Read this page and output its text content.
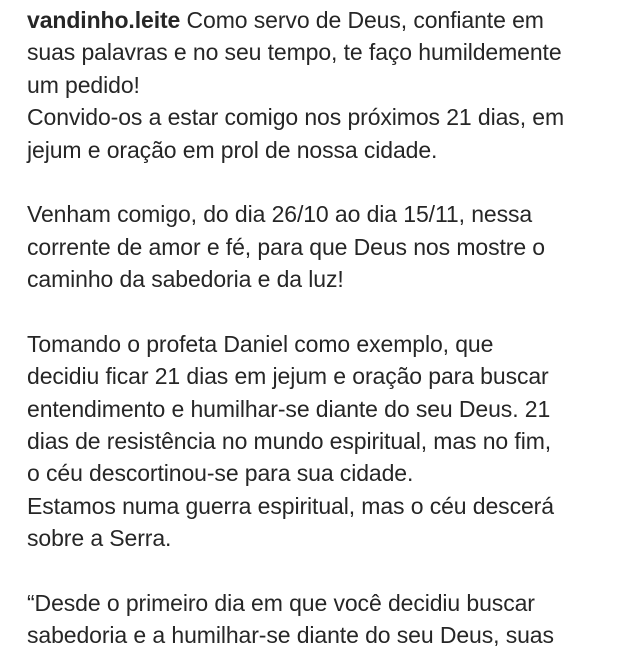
vandinho.leite Como servo de Deus, confiante em
suas palavras e no seu tempo, te faço humildemente
um pedido!
Convido-os a estar comigo nos próximos 21 dias, em
jejum e oração em prol de nossa cidade.
Venham comigo, do dia 26/10 ao dia 15/11, nessa
corrente de amor e fé, para que Deus nos mostre o
caminho da sabedoria e da luz!
Tomando o profeta Daniel como exemplo, que
decidiu ficar 21 dias em jejum e oração para buscar
entendimento e humilhar-se diante do seu Deus. 21
dias de resistência no mundo espiritual, mas no fim,
o céu descortinou-se para sua cidade.
Estamos numa guerra espiritual, mas o céu descerá
sobre a Serra.
“Desde o primeiro dia em que você decidiu buscar
sabedoria e a humilhar-se diante do seu Deus, suas
